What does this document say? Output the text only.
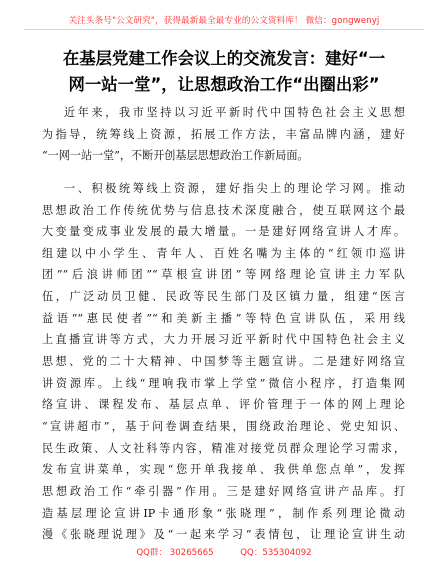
关注头条号"公文研究"，获得最新最全最专业的公文资料库！ 微信：gongwenyj
在基层党建工作会议上的交流发言：建好“一
网一站一堂”，让思想政治工作“出圈出彩”
近年来，我市坚持以习近平新时代中国特色社会主义思想
为指导，统筹线上资源，拓展工作方法，丰富品牌内涵，建好
“一网一站一堂”，不断开创基层思想政治工作新局面。
一、积极统筹线上资源，建好指尖上的理论学习网。推动
思想政治工作传统优势与信息技术深度融合，使互联网这个最
大变量变成事业发展的最大增量。一是建好网络宣讲人才库。
组建以中小学生、青年人、百姓名嘴为主体的“红领巾巡讲
团”“后浪讲师团”“草根宣讲团”等网络理论宣讲主力军队
伍，广泛动员卫健、民政等民生部门及区镇力量，组建“医言
益语”“惠民使者”“和美新主播”等特色宣讲队伍，采用线
上直播宣讲等方式，大力开展习近平新时代中国特色社会主义
思想、党的二十大精神、中国梦等主题宣讲。二是建好网络宣
讲资源库。上线“理响我市掌上学堂”微信小程序，打造集网
络宣讲、课程发布、基层点单、评价管理于一体的网上理论
“宣讲超市”，基于问卷调查结果，围绕政治理论、党史知识、
民生政策、人文社科等内容，精准对接党员群众理论学习需求，
发布宣讲菜单，实现“您开单我接单、我供单您点单”，发挥
思想政治工作“牵引器”作用。三是建好网络宣讲产品库。打
造基层理论宣讲IP卡通形象“张晓理”，制作系列理论微动
漫《张晓理说理》及“一起来学习”表情包，让理论宣讲生动
QQ群： 30265665	QQ：535304092
